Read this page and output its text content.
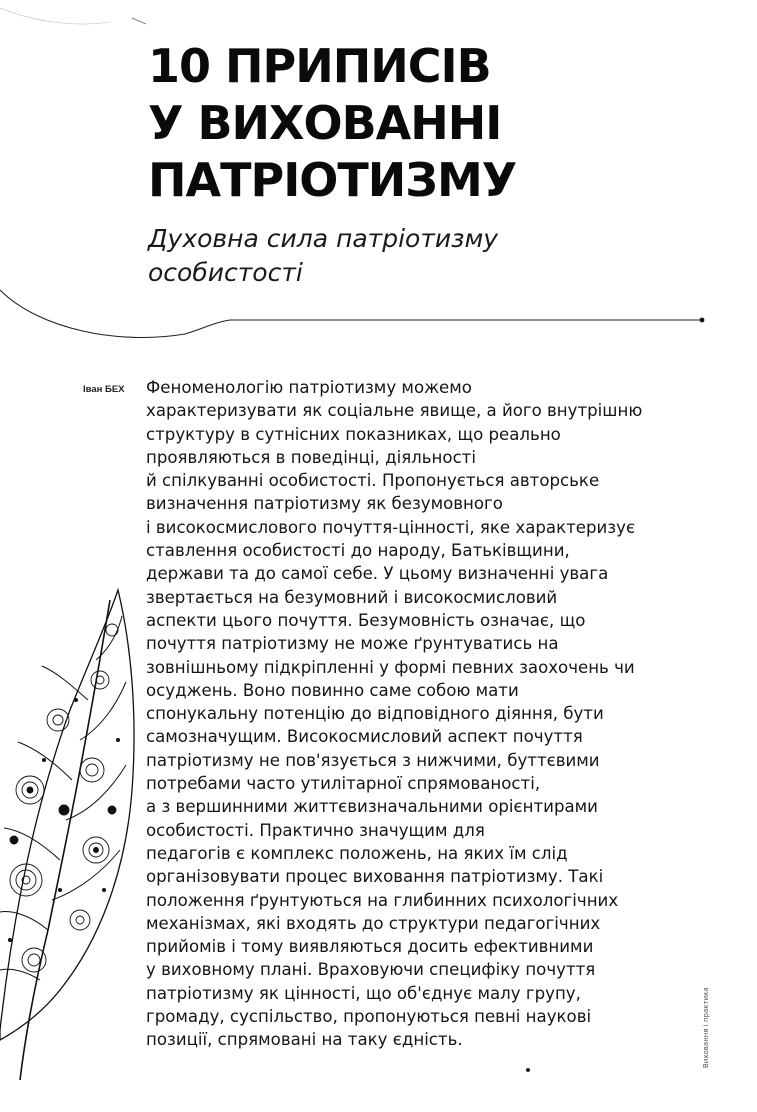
10 ПРИПИСІВ
У ВИХОВАННІ
ПАТРІОТИЗМУ
Духовна сила патріотизму
особистості
Іван БЕХ Феноменологію патріотизму можемо
характеризувати як соціальне явище, а його внутрішню
структуру в сутнісних показниках, що реально
проявляються в поведінці, діяльності
й спілкуванні особистості. Пропонується авторське
визначення патріотизму як безумовного
і високосмислового почуття-цінності, яке характеризує
ставлення особистості до народу, Батьківщини,
держави та до самої себе. У цьому визначенні увага
звертається на безумовний і високосмисловий
аспекти цього почуття. Безумовність означає, що
почуття патріотизму не може ґрунтуватись на
зовнішньому підкріпленні у формі певних заохочень чи
осуджень. Воно повинно саме собою мати
спонукальну потенцію до відповідного діяння, бути
самозначущим. Високосмисловий аспект почуття
патріотизму не пов'язується з нижчими, буттєвими
потребами часто утилітарної спрямованості,
а з вершинними життєвизначальними орієнтирами
особистості. Практично значущим для
педагогів є комплекс положень, на яких їм слід
організовувати процес виховання патріотизму. Такі
положення ґрунтуються на глибинних психологічних
механізмах, які входять до структури педагогічних
прийомів і тому виявляються досить ефективними
у виховному плані. Враховуючи специфіку почуття
патріотизму як цінності, що об'єднує малу групу,
громаду, суспільство, пропонуються певні наукові
позиції, спрямовані на таку єдність.	Виховання і практика
